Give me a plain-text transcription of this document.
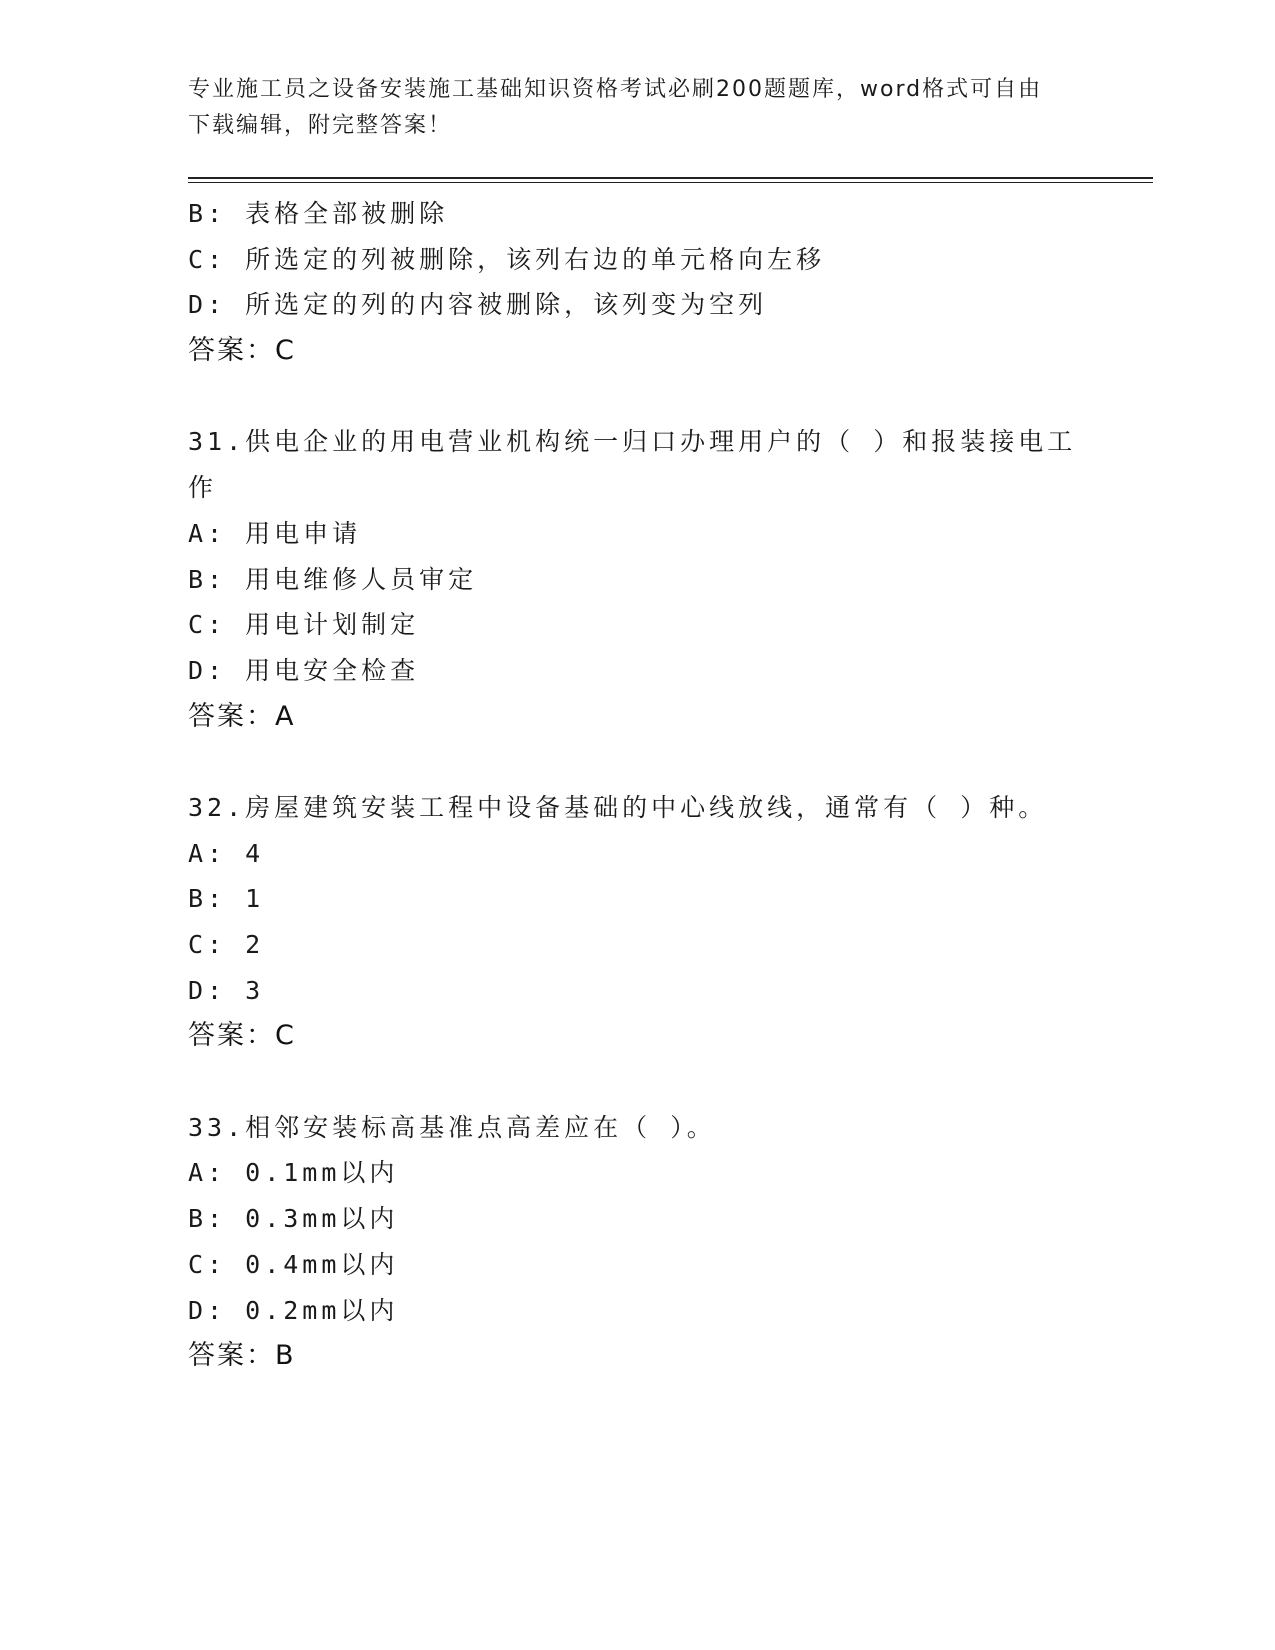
专业施工员之设备安装施工基础知识资格考试必刷200题题库，word格式可自由
下载编辑，附完整答案！
B: 表格全部被删除
C: 所选定的列被删除，该列右边的单元格向左移
D: 所选定的列的内容被删除，该列变为空列
答案：C
31.供电企业的用电营业机构统一归口办理用户的（ ）和报装接电工
作
A: 用电申请
B: 用电维修人员审定
C: 用电计划制定
D: 用电安全检查
答案：A
32.房屋建筑安装工程中设备基础的中心线放线，通常有（ ）种。
A: 4
B: 1
C: 2
D: 3
答案：C
33.相邻安装标高基准点高差应在（ ）。
A: 0.1mm以内
B: 0.3mm以内
C: 0.4mm以内
D: 0.2mm以内
答案：B
